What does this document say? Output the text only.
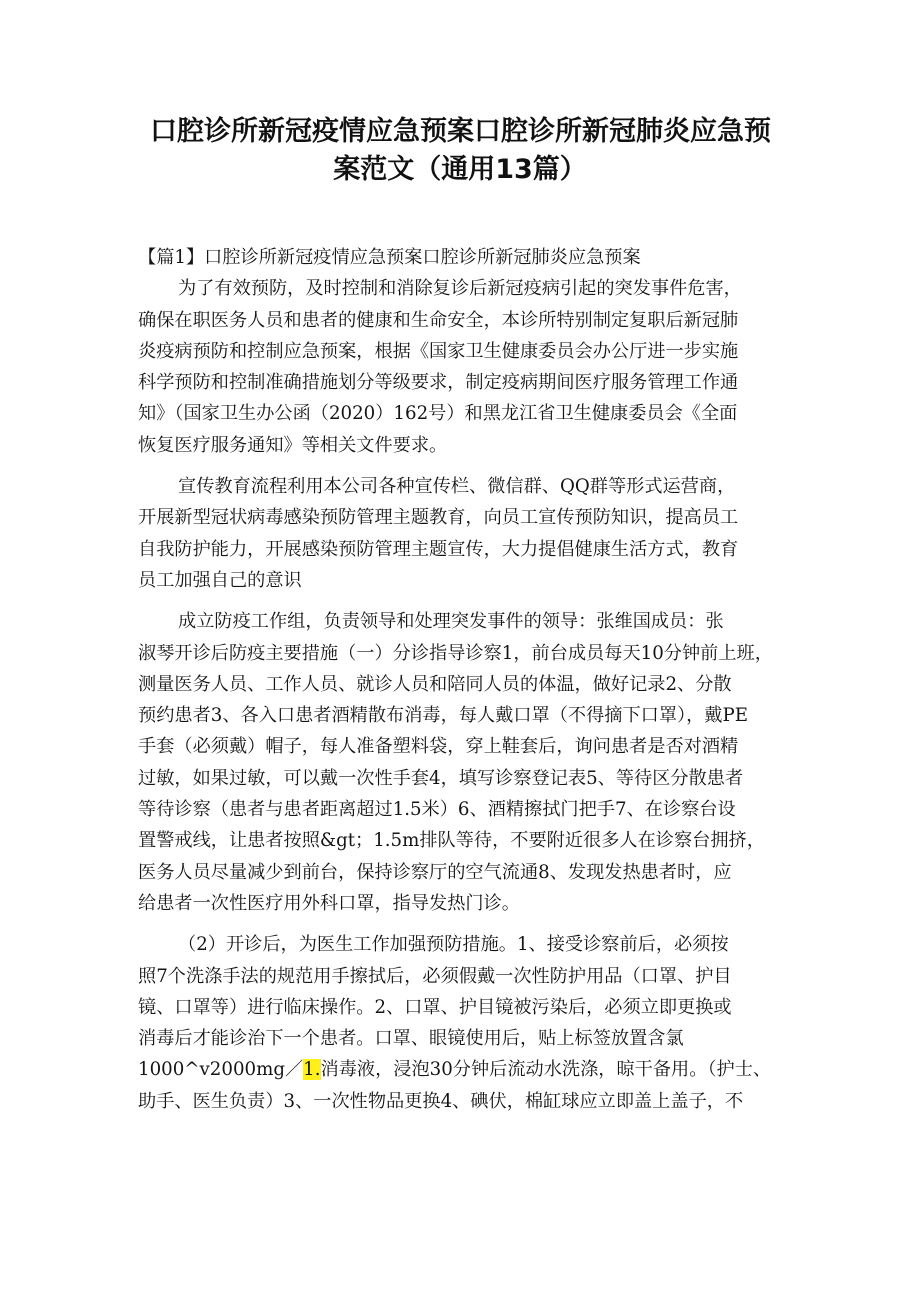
口腔诊所新冠疫情应急预案口腔诊所新冠肺炎应急预
案范文（通用13篇）
【篇1】口腔诊所新冠疫情应急预案口腔诊所新冠肺炎应急预案
为了有效预防，及时控制和消除复诊后新冠疫病引起的突发事件危害，
确保在职医务人员和患者的健康和生命安全，本诊所特别制定复职后新冠肺
炎疫病预防和控制应急预案，根据《国家卫生健康委员会办公厅进一步实施
科学预防和控制准确措施划分等级要求，制定疫病期间医疗服务管理工作通
知》（国家卫生办公函（2020）162号）和黑龙江省卫生健康委员会《全面
恢复医疗服务通知》等相关文件要求。
宣传教育流程利用本公司各种宣传栏、微信群、QQ群等形式运营商，
开展新型冠状病毒感染预防管理主题教育，向员工宣传预防知识，提高员工
自我防护能力，开展感染预防管理主题宣传，大力提倡健康生活方式，教育
员工加强自己的意识
成立防疫工作组，负责领导和处理突发事件的领导：张维国成员：张
淑琴开诊后防疫主要措施（一）分诊指导诊察1，前台成员每天10分钟前上班，
测量医务人员、工作人员、就诊人员和陪同人员的体温，做好记录2、分散
预约患者3、各入口患者酒精散布消毒，每人戴口罩（不得摘下口罩），戴PE
手套（必须戴）帽子，每人准备塑料袋，穿上鞋套后，询问患者是否对酒精
过敏，如果过敏，可以戴一次性手套4，填写诊察登记表5、等待区分散患者
等待诊察（患者与患者距离超过1.5米）6、酒精擦拭门把手7、在诊察台设
置警戒线，让患者按照&gt；1.5m排队等待，不要附近很多人在诊察台拥挤，
医务人员尽量减少到前台，保持诊察厅的空气流通8、发现发热患者时，应
给患者一次性医疗用外科口罩，指导发热门诊。
（2）开诊后，为医生工作加强预防措施。1、接受诊察前后，必须按
照7个洗涤手法的规范用手擦拭后，必须假戴一次性防护用品（口罩、护目
镜、口罩等）进行临床操作。2、口罩、护目镜被污染后，必须立即更换或
消毒后才能诊治下一个患者。口罩、眼镜使用后，贴上标签放置含氯
1000^v2000mg／1.消毒液，浸泡30分钟后流动水洗涤，晾干备用。（护士、
助手、医生负责）3、一次性物品更换4、碘伏，棉缸球应立即盖上盖子，不
